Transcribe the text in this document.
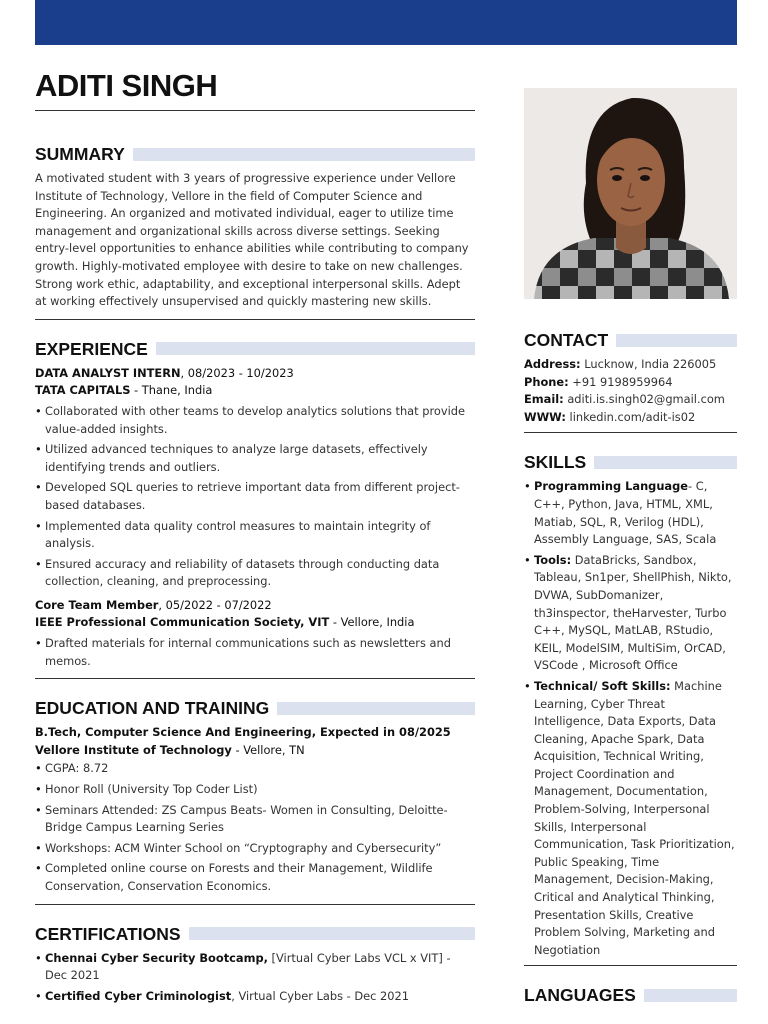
ADITI SINGH
SUMMARY

A motivated student with 3 years of progressive experience under Vellore Institute of Technology, Vellore in the field of Computer Science and Engineering. An organized and motivated individual, eager to utilize time management and organizational skills across diverse settings. Seeking entry-level opportunities to enhance abilities while contributing to company growth. Highly-motivated employee with desire to take on new challenges. Strong work ethic, adaptability, and exceptional interpersonal skills. Adept at working effectively unsupervised and quickly mastering new skills.

EXPERIENCE
DATA ANALYST INTERN, 08/2023 - 10/2023
TATA CAPITALS - Thane, India
• Collaborated with other teams to develop analytics solutions that provide value-added insights.
• Utilized advanced techniques to analyze large datasets, effectively identifying trends and outliers.
• Developed SQL queries to retrieve important data from different project-based databases.
• Implemented data quality control measures to maintain integrity of analysis.
• Ensured accuracy and reliability of datasets through conducting data collection, cleaning, and preprocessing.
Core Team Member, 05/2022 - 07/2022
IEEE Professional Communication Society, VIT - Vellore, India
• Drafted materials for internal communications such as newsletters and memos.
EDUCATION AND TRAINING
B.Tech, Computer Science And Engineering, Expected in 08/2025
Vellore Institute of Technology - Vellore, TN
• CGPA: 8.72
• Honor Roll (University Top Coder List)
• Seminars Attended: ZS Campus Beats- Women in Consulting, Deloitte-Bridge Campus Learning Series
• Workshops: ACM Winter School on “Cryptography and Cybersecurity”
• Completed online course on Forests and their Management, Wildlife Conservation, Conservation Economics.
CERTIFICATIONS
• Chennai Cyber Security Bootcamp, [Virtual Cyber Labs VCL x VIT] - Dec 2021
• Certified Cyber Criminologist, Virtual Cyber Labs - Dec 2021
CONTACT
Address: Lucknow, India 226005
Phone: +91 9198959964
Email: aditi.is.singh02@gmail.com
WWW: linkedin.com/adit-is02
SKILLS
• Programming Language- C, C++, Python, Java, HTML, XML, Matiab, SQL, R, Verilog (HDL), Assembly Language, SAS, Scala
• Tools: DataBricks, Sandbox, Tableau, Sn1per, ShellPhish, Nikto, DVWA, SubDomanizer, th3inspector, theHarvester, Turbo C++, MySQL, MatLAB, RStudio, KEIL, ModelSIM, MultiSim, OrCAD, VSCode , Microsoft Office
• Technical/ Soft Skills: Machine Learning, Cyber Threat Intelligence, Data Exports, Data Cleaning, Apache Spark, Data Acquisition, Technical Writing, Project Coordination and Management, Documentation, Problem-Solving, Interpersonal Skills, Interpersonal Communication, Task Prioritization, Public Speaking, Time Management, Decision-Making, Critical and Analytical Thinking, Presentation Skills, Creative Problem Solving, Marketing and Negotiation
LANGUAGES
